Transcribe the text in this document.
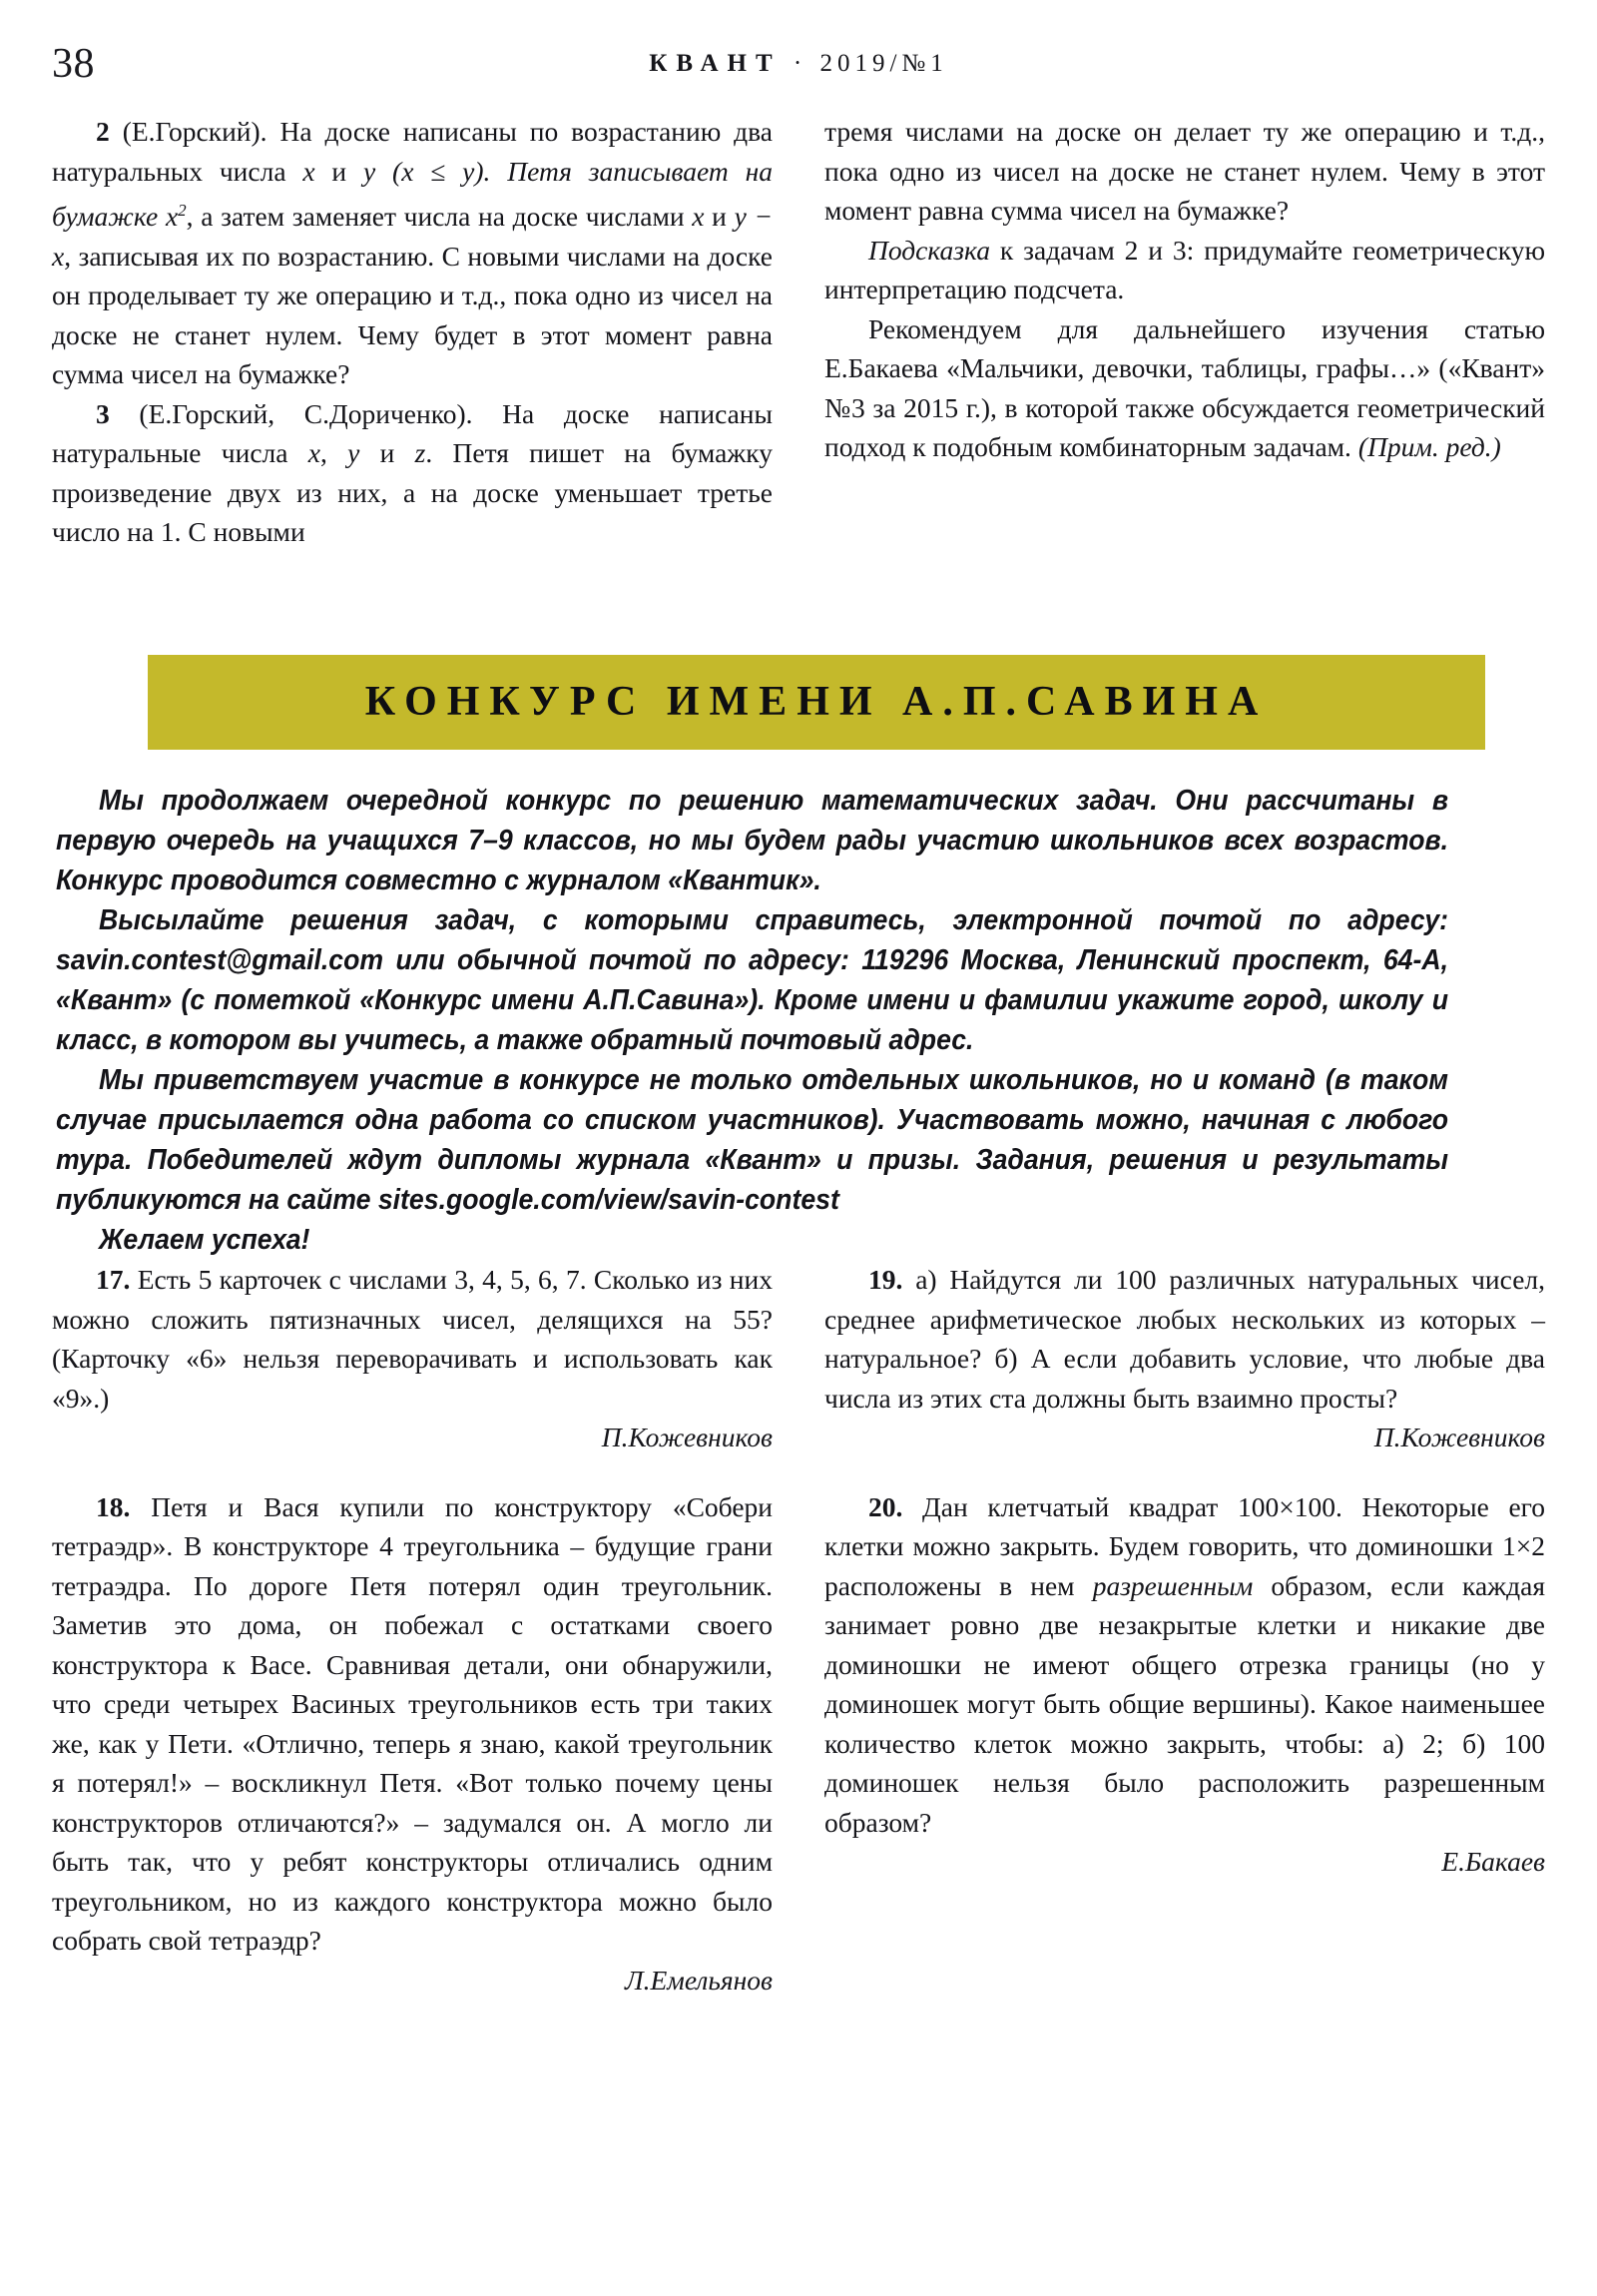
38	КВАНТ · 2019/№1

2 (Е.Горский). На доске написаны по возрастанию два натуральных числа x и y (x ≤ y). Петя записывает на бумажке $x^2$, а затем заменяет числа на доске числами x и y − x, записывая их по возрастанию. С новыми числами на доске он проделывает ту же операцию и т.д., пока одно из чисел на доске не станет нулем. Чему будет в этот момент равна сумма чисел на бумажке?

3 (Е.Горский, С.Дориченко). На доске написаны натуральные числа x, y и z. Петя пишет на бумажку произведение двух из них, а на доске уменьшает третье число на 1. С новыми

тремя числами на доске он делает ту же операцию и т.д., пока одно из чисел на доске не станет нулем. Чему в этот момент равна сумма чисел на бумажке?

Подсказка к задачам 2 и 3: придумайте геометрическую интерпретацию подсчета.

Рекомендуем для дальнейшего изучения статью Е.Бакаева «Мальчики, девочки, таблицы, графы…» («Квант» №3 за 2015 г.), в которой также обсуждается геометрический подход к подобным комбинаторным задачам. (Прим. ред.)

КОНКУРС ИМЕНИ А.П.САВИНА

Мы продолжаем очередной конкурс по решению математических задач. Они рассчитаны в первую очередь на учащихся 7–9 классов, но мы будем рады участию школьников всех возрастов. Конкурс проводится совместно с журналом «Квантик».

Высылайте решения задач, с которыми справитесь, электронной почтой по адресу: savin.contest@gmail.com или обычной почтой по адресу: 119296 Москва, Ленинский проспект, 64-А, «Квант» (с пометкой «Конкурс имени А.П.Савина»). Кроме имени и фамилии укажите город, школу и класс, в котором вы учитесь, а также обратный почтовый адрес.

Мы приветствуем участие в конкурсе не только отдельных школьников, но и команд (в таком случае присылается одна работа со списком участников). Участвовать можно, начиная с любого тура. Победителей ждут дипломы журнала «Квант» и призы. Задания, решения и результаты публикуются на сайте sites.google.com/view/savin-contest

Желаем успеха!

17. Есть 5 карточек с числами 3, 4, 5, 6, 7. Сколько из них можно сложить пятизначных чисел, делящихся на 55? (Карточку «6» нельзя переворачивать и использовать как «9».)

П.Кожевников

18. Петя и Вася купили по конструктору «Собери тетраэдр». В конструкторе 4 треугольника – будущие грани тетраэдра. По дороге Петя потерял один треугольник. Заметив это дома, он побежал с остатками своего конструктора к Васе. Сравнивая детали, они обнаружили, что среди четырех Васиных треугольников есть три таких же, как у Пети. «Отлично, теперь я знаю, какой треугольник я потерял!» – воскликнул Петя. «Вот только почему цены конструкторов отличаются?» – задумался он. А могло ли быть так, что у ребят конструкторы отличались одним треугольником, но из каждого конструктора можно было собрать свой тетраэдр?

Л.Емельянов

19. а) Найдутся ли 100 различных натуральных чисел, среднее арифметическое любых нескольких из которых – натуральное? б) А если добавить условие, что любые два числа из этих ста должны быть взаимно просты?

П.Кожевников

20. Дан клетчатый квадрат 100×100. Некоторые его клетки можно закрыть. Будем говорить, что доминошки 1×2 расположены в нем разрешенным образом, если каждая занимает ровно две незакрытые клетки и никакие две доминошки не имеют общего отрезка границы (но у доминошек могут быть общие вершины). Какое наименьшее количество клеток можно закрыть, чтобы: а) 2; б) 100 доминошек нельзя было расположить разрешенным образом?

Е.Бакаев
